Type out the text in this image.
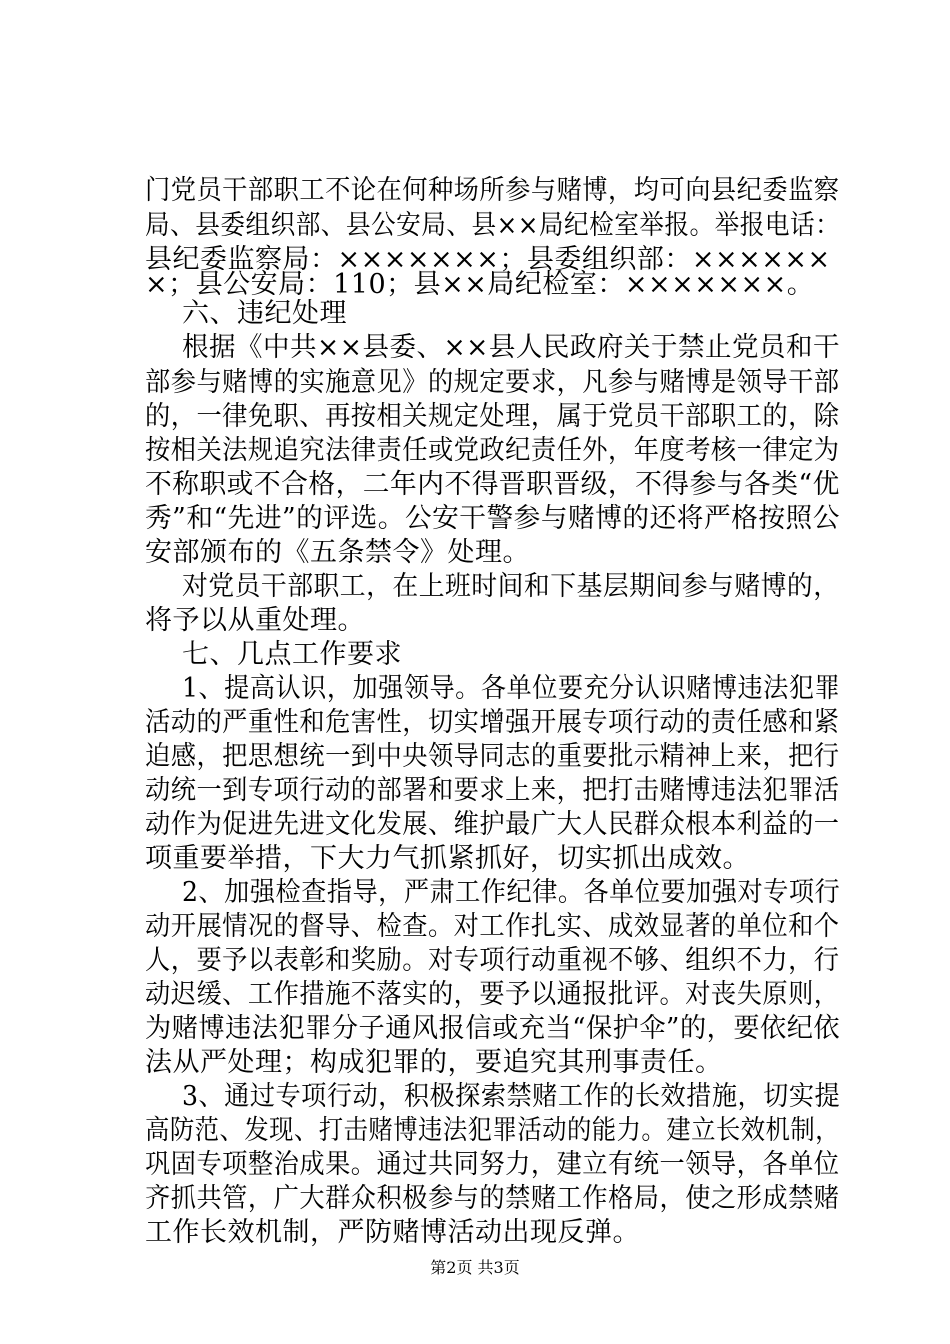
门党员干部职工不论在何种场所参与赌博，均可向县纪委监察
局、县委组织部、县公安局、县××局纪检室举报。举报电话：
县纪委监察局：×××××××；县委组织部：××××××
×；县公安局：110；县××局纪检室：×××××××。
六、违纪处理
根据《中共××县委、××县人民政府关于禁止党员和干
部参与赌博的实施意见》的规定要求，凡参与赌博是领导干部
的，一律免职、再按相关规定处理，属于党员干部职工的，除
按相关法规追究法律责任或党政纪责任外，年度考核一律定为
不称职或不合格，二年内不得晋职晋级，不得参与各类“优
秀”和“先进”的评选。公安干警参与赌博的还将严格按照公
安部颁布的《五条禁令》处理。
对党员干部职工，在上班时间和下基层期间参与赌博的，
将予以从重处理。
七、几点工作要求
1、提高认识，加强领导。各单位要充分认识赌博违法犯罪
活动的严重性和危害性，切实增强开展专项行动的责任感和紧
迫感，把思想统一到中央领导同志的重要批示精神上来，把行
动统一到专项行动的部署和要求上来，把打击赌博违法犯罪活
动作为促进先进文化发展、维护最广大人民群众根本利益的一
项重要举措，下大力气抓紧抓好，切实抓出成效。
2、加强检查指导，严肃工作纪律。各单位要加强对专项行
动开展情况的督导、检查。对工作扎实、成效显著的单位和个
人，要予以表彰和奖励。对专项行动重视不够、组织不力，行
动迟缓、工作措施不落实的，要予以通报批评。对丧失原则，
为赌博违法犯罪分子通风报信或充当“保护伞”的，要依纪依
法从严处理；构成犯罪的，要追究其刑事责任。
3、通过专项行动，积极探索禁赌工作的长效措施，切实提
高防范、发现、打击赌博违法犯罪活动的能力。建立长效机制，
巩固专项整治成果。通过共同努力，建立有统一领导，各单位
齐抓共管，广大群众积极参与的禁赌工作格局，使之形成禁赌
工作长效机制，严防赌博活动出现反弹。
第2页 共3页
